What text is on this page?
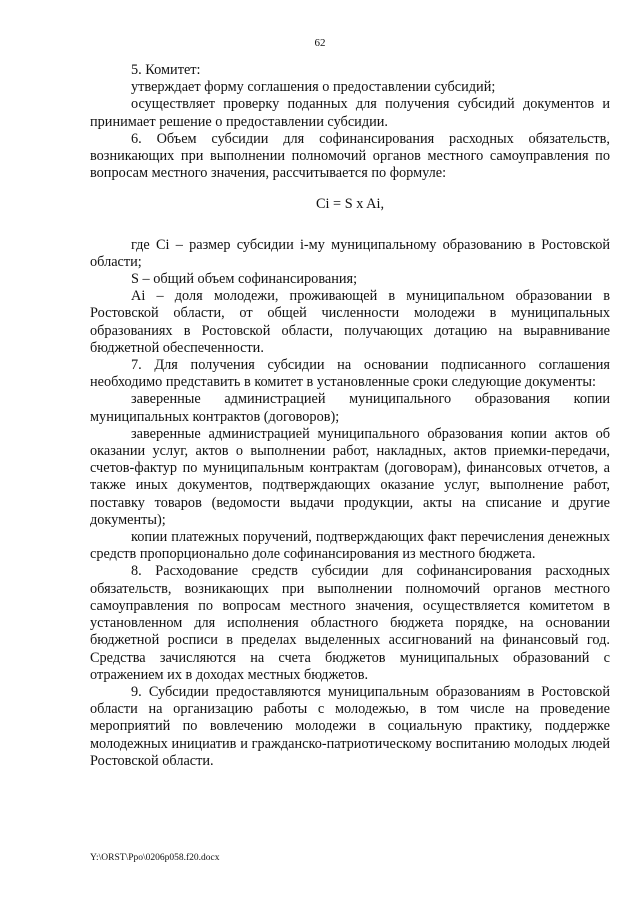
62

5. Комитет:

утверждает форму соглашения о предоставлении субсидий;

осуществляет проверку поданных для получения субсидий документов и принимает решение о предоставлении субсидии.

6. Объем субсидии для софинансирования расходных обязательств, возникающих при выполнении полномочий органов местного самоуправления по вопросам местного значения, рассчитывается по формуле:

Ci = S x Ai,

где Ci – размер субсидии i-му муниципальному образованию в Ростовской области;

S – общий объем софинансирования;

Ai – доля молодежи, проживающей в муниципальном образовании в Ростовской области, от общей численности молодежи в муниципальных образованиях в Ростовской области, получающих дотацию на выравнивание бюджетной обеспеченности.

7. Для получения субсидии на основании подписанного соглашения необходимо представить в комитет в установленные сроки следующие документы:

заверенные администрацией муниципального образования копии муниципальных контрактов (договоров);

заверенные администрацией муниципального образования копии актов об оказании услуг, актов о выполнении работ, накладных, актов приемки-передачи, счетов-фактур по муниципальным контрактам (договорам), финансовых отчетов, а также иных документов, подтверждающих оказание услуг, выполнение работ, поставку товаров (ведомости выдачи продукции, акты на списание и другие документы);

копии платежных поручений, подтверждающих факт перечисления денежных средств пропорционально доле софинансирования из местного бюджета.

8. Расходование средств субсидии для софинансирования расходных обязательств, возникающих при выполнении полномочий органов местного самоуправления по вопросам местного значения, осуществляется комитетом в установленном для исполнения областного бюджета порядке, на основании бюджетной росписи в пределах выделенных ассигнований на финансовый год. Средства зачисляются на счета бюджетов муниципальных образований с отражением их в доходах местных бюджетов.

9. Субсидии предоставляются муниципальным образованиям в Ростовской области на организацию работы с молодежью, в том числе на проведение мероприятий по вовлечению молодежи в социальную практику, поддержке молодежных инициатив и гражданско-патриотическому воспитанию молодых людей Ростовской области.

Y:\ORST\Ppo\0206p058.f20.docx
